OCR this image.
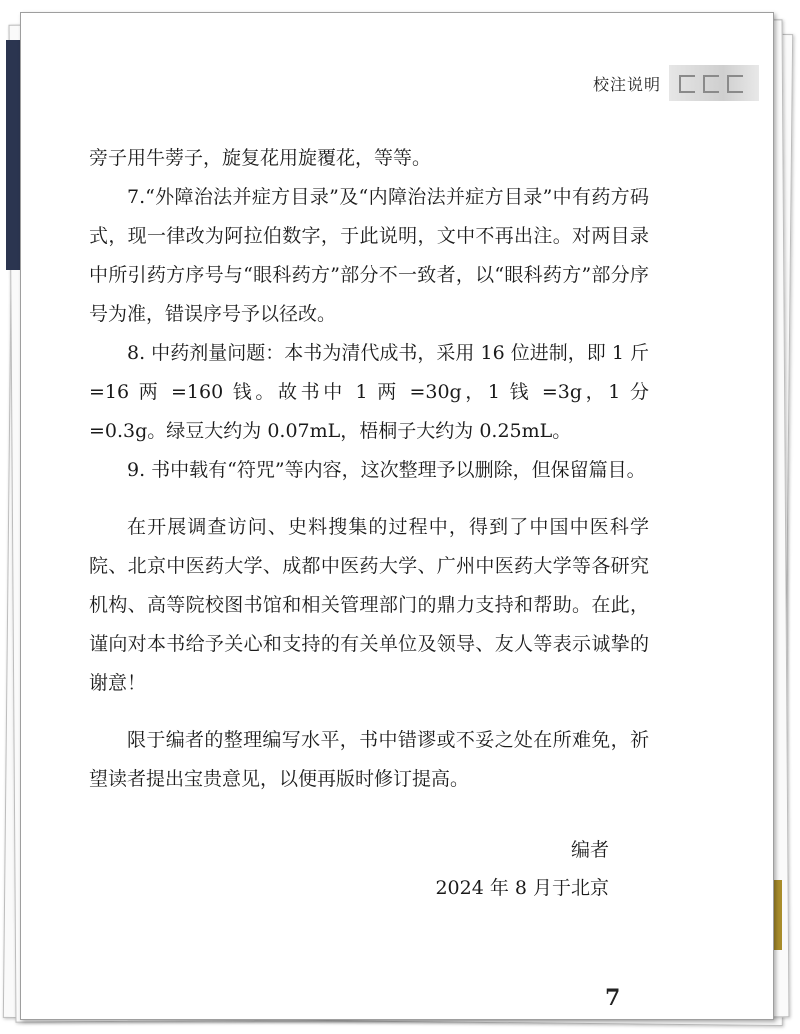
校注说明

旁子用牛蒡子，旋复花用旋覆花，等等。

7.“外障治法并症方目录”及“内障治法并症方目录”中有药方码式，现一律改为阿拉伯数字，于此说明，文中不再出注。对两目录中所引药方序号与“眼科药方”部分不一致者，以“眼科药方”部分序号为准，错误序号予以径改。

8. 中药剂量问题：本书为清代成书，采用 16 位进制，即 1 斤 =16 两 =160 钱。故书中 1 两 =30g，1 钱 =3g，1 分 =0.3g。绿豆大约为 0.07mL，梧桐子大约为 0.25mL。

9. 书中载有“符咒”等内容，这次整理予以删除，但保留篇目。

在开展调查访问、史料搜集的过程中，得到了中国中医科学院、北京中医药大学、成都中医药大学、广州中医药大学等各研究机构、高等院校图书馆和相关管理部门的鼎力支持和帮助。在此，谨向对本书给予关心和支持的有关单位及领导、友人等表示诚挚的谢意！

限于编者的整理编写水平，书中错谬或不妥之处在所难免，祈望读者提出宝贵意见，以便再版时修订提高。

编者
2024 年 8 月于北京
7
